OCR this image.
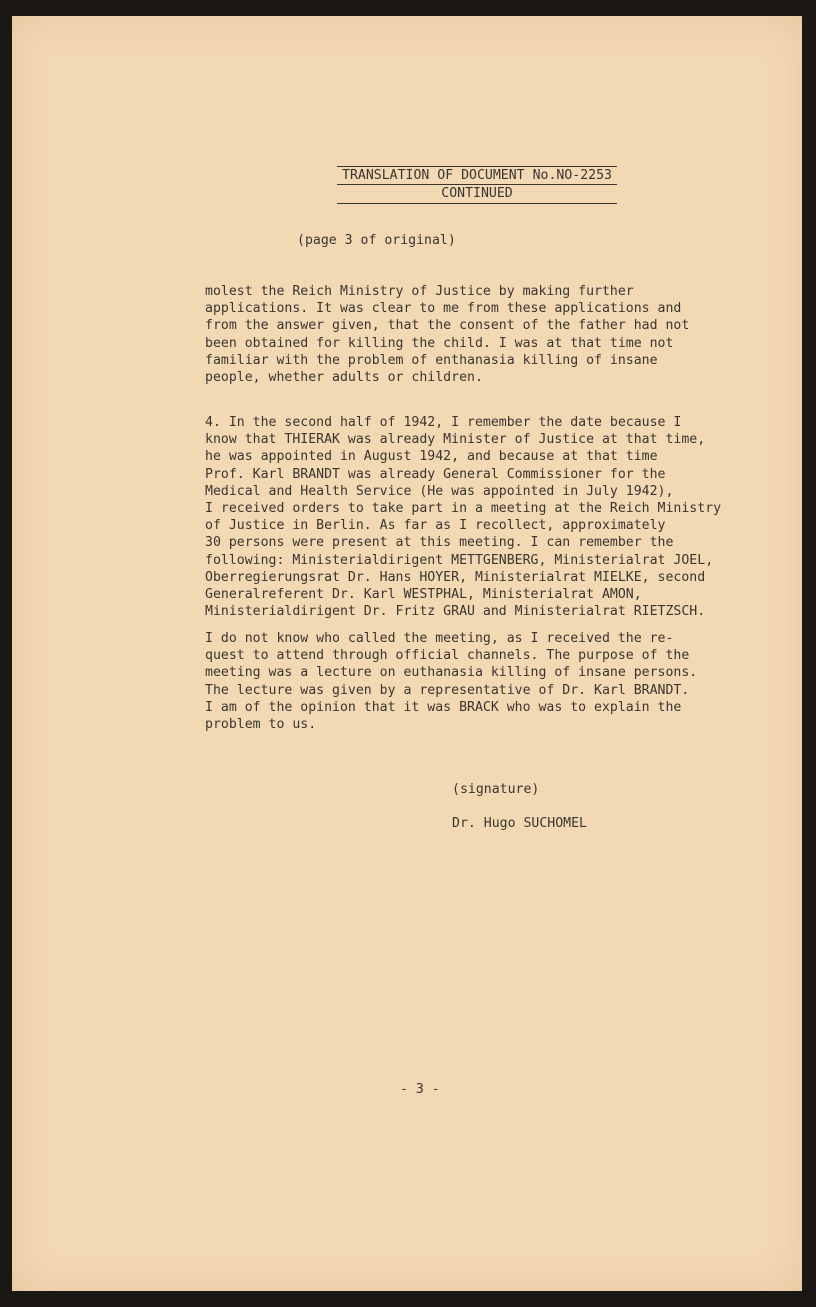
TRANSLATION OF DOCUMENT No.NO-2253
CONTINUED
(page 3 of original)

molest the Reich Ministry of Justice by making further
applications. It was clear to me from these applications and
from the answer given, that the consent of the father had not
been obtained for killing the child. I was at that time not
familiar with the problem of enthanasia killing of insane
people, whether adults or children.

4. In the second half of 1942, I remember the date because I
know that THIERAK was already Minister of Justice at that time,
he was appointed in August 1942, and because at that time
Prof. Karl BRANDT was already General Commissioner for the
Medical and Health Service (He was appointed in July 1942),
I received orders to take part in a meeting at the Reich Ministry
of Justice in Berlin. As far as I recollect, approximately
30 persons were present at this meeting. I can remember the
following: Ministerialdirigent METTGENBERG, Ministerialrat JOEL,
Oberregierungsrat Dr. Hans HOYER, Ministerialrat MIELKE, second
Generalreferent Dr. Karl WESTPHAL, Ministerialrat AMON,
Ministerialdirigent Dr. Fritz GRAU and Ministerialrat RIETZSCH.

I do not know who called the meeting, as I received the re-
quest to attend through official channels. The purpose of the
meeting was a lecture on euthanasia killing of insane persons.
The lecture was given by a representative of Dr. Karl BRANDT.
I am of the opinion that it was BRACK who was to explain the
problem to us.

(signature)
Dr. Hugo SUCHOMEL
- 3 -
